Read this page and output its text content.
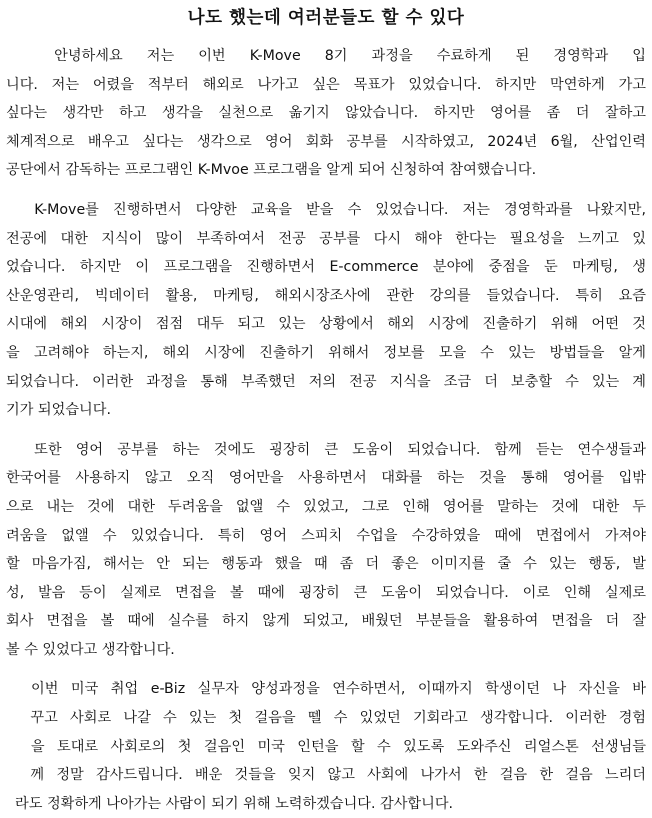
나도 했는데 여러분들도 할 수 있다
안녕하세요 저는 이번 K-Move 8기 과정을 수료하게 된 경영학과 입
니다. 저는 어렸을 적부터 해외로 나가고 싶은 목표가 있었습니다. 하지만 막연하게 가고
싶다는 생각만 하고 생각을 실천으로 옮기지 않았습니다. 하지만 영어를 좀 더 잘하고
체계적으로 배우고 싶다는 생각으로 영어 회화 공부를 시작하였고, 2024년 6월, 산업인력
공단에서 감독하는 프로그램인 K-Mvoe 프로그램을 알게 되어 신청하여 참여했습니다.
K-Move를 진행하면서 다양한 교육을 받을 수 있었습니다. 저는 경영학과를 나왔지만,
전공에 대한 지식이 많이 부족하여서 전공 공부를 다시 해야 한다는 필요성을 느끼고 있
었습니다. 하지만 이 프로그램을 진행하면서 E-commerce 분야에 중점을 둔 마케팅, 생
산운영관리, 빅데이터 활용, 마케팅, 해외시장조사에 관한 강의를 들었습니다. 특히 요즘
시대에 해외 시장이 점점 대두 되고 있는 상황에서 해외 시장에 진출하기 위해 어떤 것
을 고려해야 하는지, 해외 시장에 진출하기 위해서 정보를 모을 수 있는 방법들을 알게
되었습니다. 이러한 과정을 통해 부족했던 저의 전공 지식을 조금 더 보충할 수 있는 계
기가 되었습니다.
또한 영어 공부를 하는 것에도 굉장히 큰 도움이 되었습니다. 함께 듣는 연수생들과
한국어를 사용하지 않고 오직 영어만을 사용하면서 대화를 하는 것을 통해 영어를 입밖
으로 내는 것에 대한 두려움을 없앨 수 있었고, 그로 인해 영어를 말하는 것에 대한 두
려움을 없앨 수 있었습니다. 특히 영어 스피치 수업을 수강하였을 때에 면접에서 가져야
할 마음가짐, 해서는 안 되는 행동과 했을 때 좀 더 좋은 이미지를 줄 수 있는 행동, 발
성, 발음 등이 실제로 면접을 볼 때에 굉장히 큰 도움이 되었습니다. 이로 인해 실제로
회사 면접을 볼 때에 실수를 하지 않게 되었고, 배웠던 부분들을 활용하여 면접을 더 잘
볼 수 있었다고 생각합니다.
이번 미국 취업 e-Biz 실무자 양성과정을 연수하면서, 이때까지 학생이던 나 자신을 바
꾸고 사회로 나갈 수 있는 첫 걸음을 뗄 수 있었던 기회라고 생각합니다. 이러한 경험
을 토대로 사회로의 첫 걸음인 미국 인턴을 할 수 있도록 도와주신 리얼스톤 선생님들
께 정말 감사드립니다. 배운 것들을 잊지 않고 사회에 나가서 한 걸음 한 걸음 느리더
라도 정확하게 나아가는 사람이 되기 위해 노력하겠습니다. 감사합니다.
